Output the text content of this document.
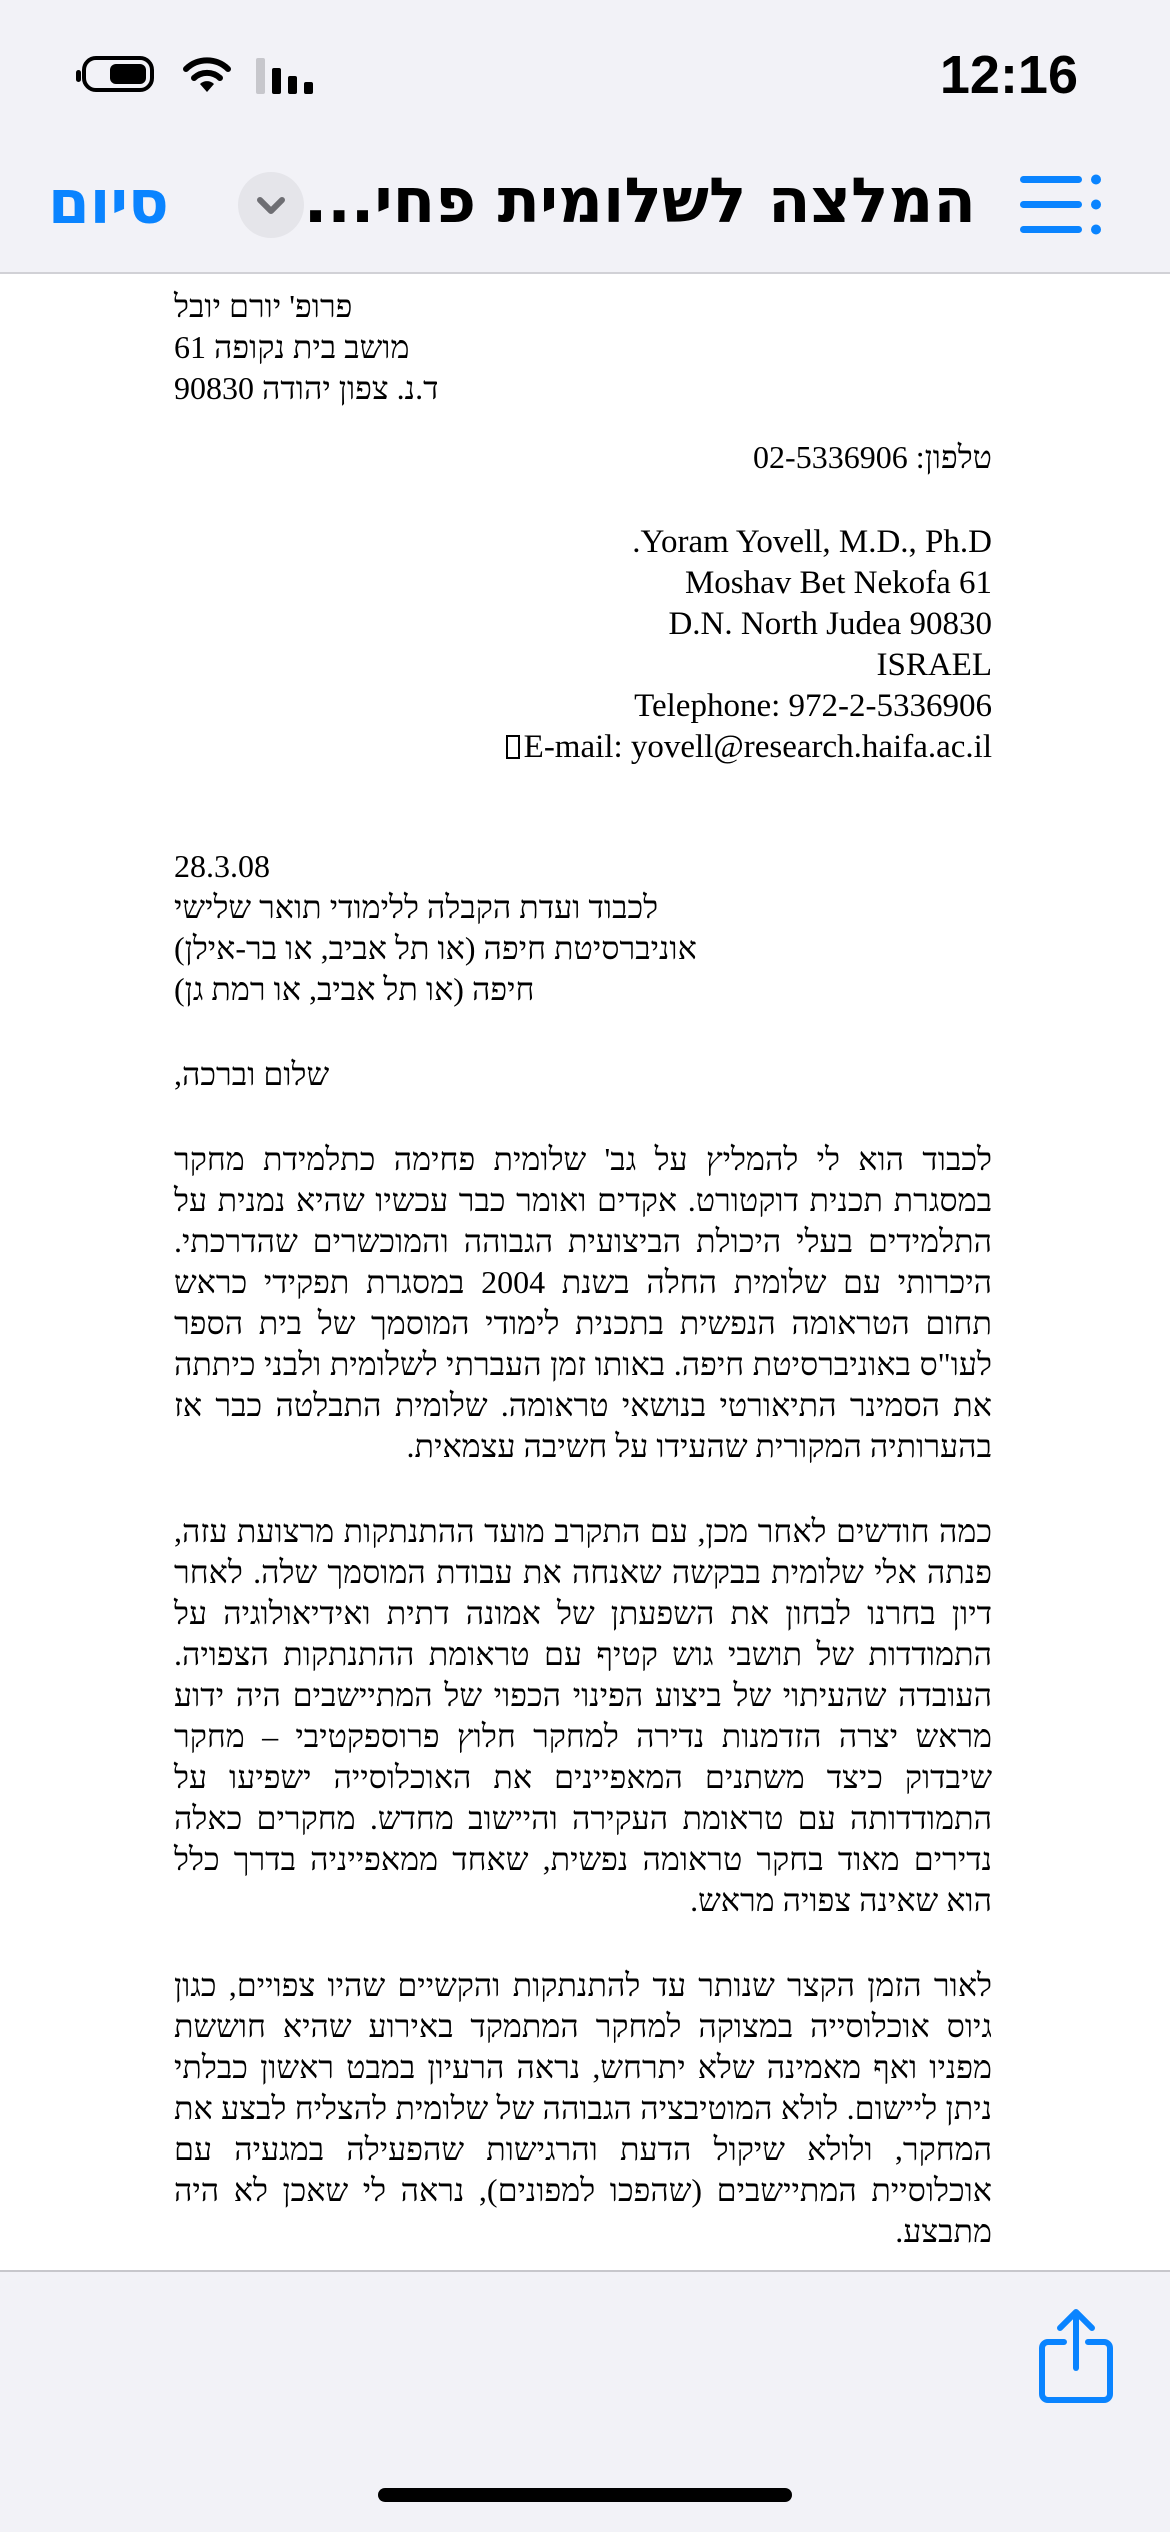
12:16
סיום המלצה לשלומית פחי...
פרופ' יורם יובל
מושב בית נקופה 61
ד.נ. צפון יהודה 90830
טלפון: 02-5336906
.Yoram Yovell, M.D., Ph.D
Moshav Bet Nekofa 61
D.N. North Judea 90830
ISRAEL
Telephone: 972-2-5336906
E-mail: yovell@research.haifa.ac.il
28.3.08
לכבוד ועדת הקבלה ללימודי תואר שלישי
אוניברסיטת חיפה (או תל אביב, או בר-אילן)
חיפה (או תל אביב, או רמת גן)
שלום וברכה,

לכבוד הוא לי להמליץ על גב' שלומית פחימה כתלמידת מחקר במסגרת תכנית דוקטורט. אקדים ואומר כבר עכשיו שהיא נמנית על התלמידים בעלי היכולת הביצועית הגבוהה והמוכשרים שהדרכתי. היכרותי עם שלומית החלה בשנת 2004 במסגרת תפקידי כראש תחום הטראומה הנפשית בתכנית לימודי המוסמך של בית הספר לעו"ס באוניברסיטת חיפה. באותו זמן העברתי לשלומית ולבני כיתתה את הסמינר התיאורטי בנושאי טראומה. שלומית התבלטה כבר אז בהערותיה המקורית שהעידו על חשיבה עצמאית.

כמה חודשים לאחר מכן, עם התקרב מועד ההתנתקות מרצועת עזה, פנתה אלי שלומית בבקשה שאנחה את עבודת המוסמך שלה. לאחר דיון בחרנו לבחון את השפעתן של אמונה דתית ואידיאולוגיה על התמודדות של תושבי גוש קטיף עם טראומת ההתנתקות הצפויה. העובדה שהעיתוי של ביצוע הפינוי הכפוי של המתיישבים היה ידוע מראש יצרה הזדמנות נדירה למחקר חלוץ פרוספקטיבי – מחקר שיבדוק כיצד משתנים המאפיינים את האוכלוסייה ישפיעו על התמודדותה עם טראומת העקירה והיישוב מחדש. מחקרים כאלה נדירים מאוד בחקר טראומה נפשית, שאחד ממאפייניה בדרך כלל הוא שאינה צפויה מראש.

לאור הזמן הקצר שנותר עד להתנתקות והקשיים שהיו צפויים, כגון גיוס אוכלוסייה במצוקה למחקר המתמקד באירוע שהיא חוששת מפניו ואף מאמינה שלא יתרחש, נראה הרעיון במבט ראשון כבלתי ניתן ליישום. לולא המוטיבציה הגבוהה של שלומית להצליח לבצע את המחקר, ולולא שיקול הדעת והרגישות שהפעילה במגעיה עם אוכלוסיית המתיישבים (שהפכו למפונים), נראה לי שאכן לא היה מתבצע.
